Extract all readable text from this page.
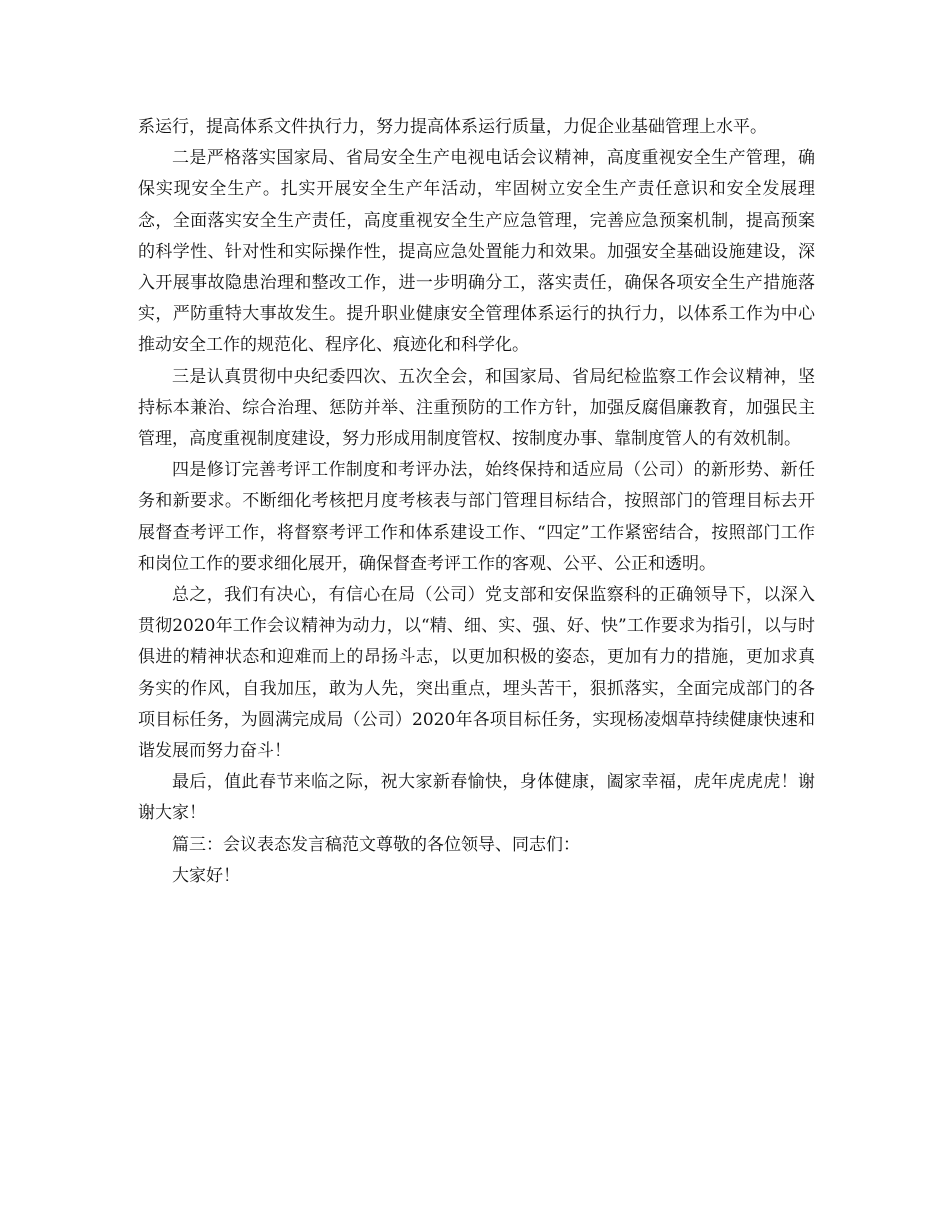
系运行，提高体系文件执行力，努力提高体系运行质量，力促企业基础管理上水平。

二是严格落实国家局、省局安全生产电视电话会议精神，高度重视安全生产管理，确保实现安全生产。扎实开展安全生产年活动，牢固树立安全生产责任意识和安全发展理念，全面落实安全生产责任，高度重视安全生产应急管理，完善应急预案机制，提高预案的科学性、针对性和实际操作性，提高应急处置能力和效果。加强安全基础设施建设，深入开展事故隐患治理和整改工作，进一步明确分工，落实责任，确保各项安全生产措施落实，严防重特大事故发生。提升职业健康安全管理体系运行的执行力，以体系工作为中心推动安全工作的规范化、程序化、痕迹化和科学化。

三是认真贯彻中央纪委四次、五次全会，和国家局、省局纪检监察工作会议精神，坚持标本兼治、综合治理、惩防并举、注重预防的工作方针，加强反腐倡廉教育，加强民主管理，高度重视制度建设，努力形成用制度管权、按制度办事、靠制度管人的有效机制。

四是修订完善考评工作制度和考评办法，始终保持和适应局（公司）的新形势、新任务和新要求。不断细化考核把月度考核表与部门管理目标结合，按照部门的管理目标去开展督查考评工作，将督察考评工作和体系建设工作、“四定”工作紧密结合，按照部门工作和岗位工作的要求细化展开，确保督查考评工作的客观、公平、公正和透明。

总之，我们有决心，有信心在局（公司）党支部和安保监察科的正确领导下，以深入贯彻2020年工作会议精神为动力，以“精、细、实、强、好、快”工作要求为指引，以与时俱进的精神状态和迎难而上的昂扬斗志，以更加积极的姿态，更加有力的措施，更加求真务实的作风，自我加压，敢为人先，突出重点，埋头苦干，狠抓落实，全面完成部门的各项目标任务，为圆满完成局（公司）2020年各项目标任务，实现杨凌烟草持续健康快速和谐发展而努力奋斗！

最后，值此春节来临之际，祝大家新春愉快，身体健康，阖家幸福，虎年虎虎虎！谢谢大家！

篇三：会议表态发言稿范文尊敬的各位领导、同志们：

大家好！
